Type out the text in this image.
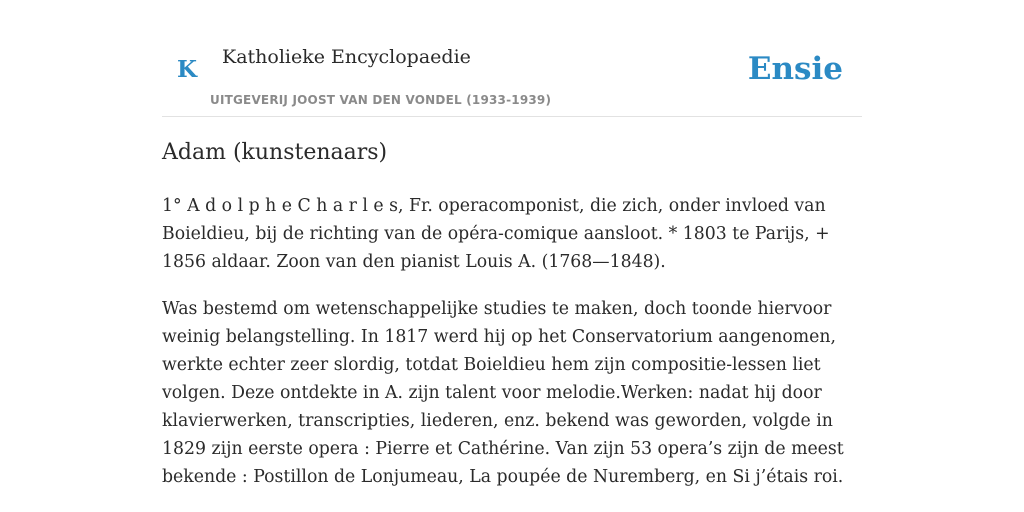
K Katholieke Encyclopaedie
UITGEVERIJ JOOST VAN DEN VONDEL (1933-1939)
Ensie
Adam (kunstenaars)

1° A d o l p h e C h a r l e s, Fr. operacomponist, die zich, onder invloed van Boieldieu, bij de richting van de opéra-comique aansloot. * 1803 te Parijs, + 1856 aldaar. Zoon van den pianist Louis A. (1768—1848).

Was bestemd om wetenschappelijke studies te maken, doch toonde hiervoor weinig belangstelling. In 1817 werd hij op het Conservatorium aangenomen, werkte echter zeer slordig, totdat Boieldieu hem zijn compositie-lessen liet volgen. Deze ontdekte in A. zijn talent voor melodie.Werken: nadat hij door klavierwerken, transcripties, liederen, enz. bekend was geworden, volgde in 1829 zijn eerste opera : Pierre et Cathérine. Van zijn 53 opera’s zijn de meest bekende : Postillon de Lonjumeau, La poupée de Nuremberg, en Si j’étais roi.
